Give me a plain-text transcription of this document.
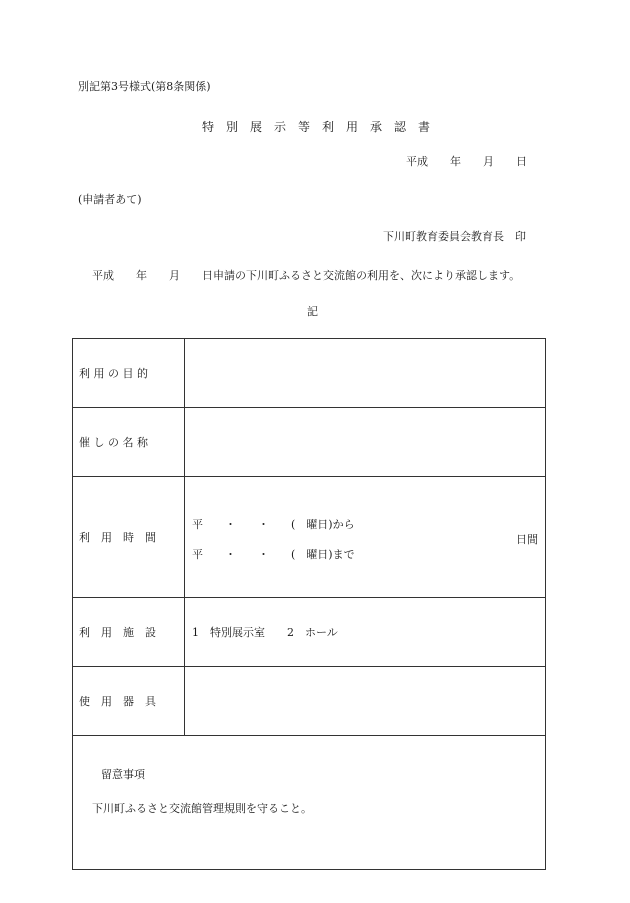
別記第3号様式(第8条関係)
特　別　展　示　等　利　用　承　認　書
平成　　年　　月　　日
(申請者あて)
下川町教育委員会教育長　印
平成　　年　　月　　日申請の下川町ふるさと交流館の利用を、次により承認します。
記
利 用 の 目 的	
催 し の 名 称	
利　用　時　間	平　　・　　・　　(　曜日)から

平　　・　　・　　(　曜日)まで

日間

利　用　施　設	1　特別展示室　　2　ホール
使　用　器　具	

留意事項

下川町ふるさと交流館管理規則を守ること。	
